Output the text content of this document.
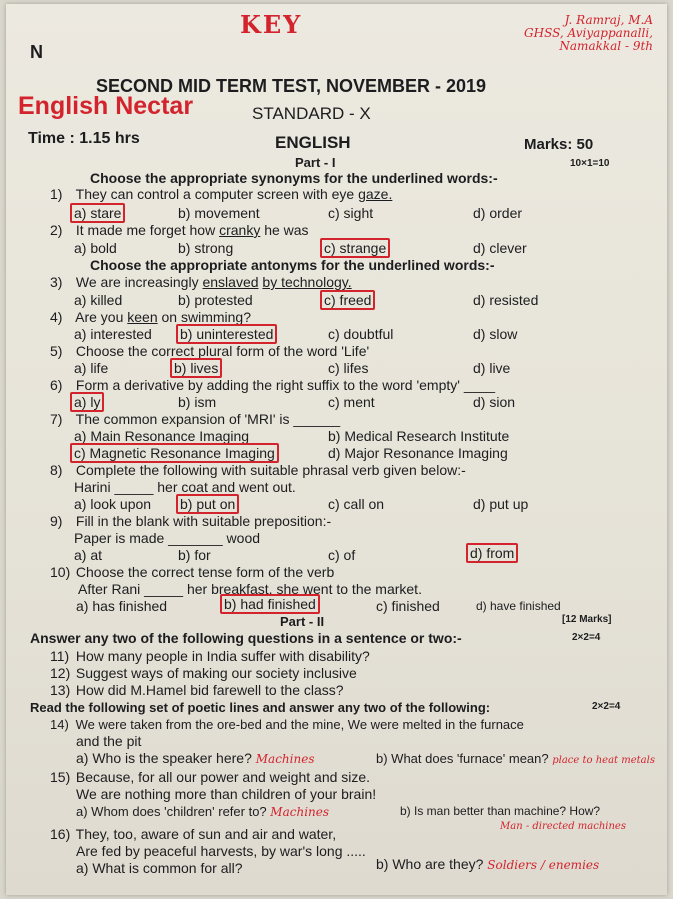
KEY	J. Ramraj, M.A
GHSS, Aviyappanalli,
Namakkal - 9th
N
SECOND MID TERM TEST, NOVEMBER - 2019
English Nectar	STANDARD - X
Time : 1.15 hrs	ENGLISH	Marks: 50
Part - I	10×1=10
Choose the appropriate synonyms for the underlined words:-
1) They can control a computer screen with eye gaze.
a) stare	b) movement	c) sight	d) order
2) It made me forget how cranky he was
a) bold	b) strong	c) strange	d) clever
Choose the appropriate antonyms for the underlined words:-
3) We are increasingly enslaved by technology.
a) killed	b) protested	c) freed	d) resisted
4) Are you keen on swimming?
a) interested b) uninterested	c) doubtful	d) slow
5) Choose the correct plural form of the word 'Life'
a) life	b) lives	c) lifes	d) live
6) Form a derivative by adding the right suffix to the word 'empty' ____
a) ly	b) ism	c) ment	d) sion
7) The common expansion of 'MRI' is ______
a) Main Resonance Imaging	b) Medical Research Institute
c) Magnetic Resonance Imaging	d) Major Resonance Imaging
8) Complete the following with suitable phrasal verb given below:-
Harini _____ her coat and went out.
a) look upon b) put on	c) call on	d) put up
9) Fill in the blank with suitable preposition:-
Paper is made _______ wood
a) at	b) for	c) of	d) from
10) Choose the correct tense form of the verb
After Rani _____ her breakfast, she went to the market.
a) has finished	b) had finished	c) finished	d) have finished
Part - II	[12 Marks]
Answer any two of the following questions in a sentence or two:-	2×2=4
11) How many people in India suffer with disability?
12) Suggest ways of making our society inclusive
13) How did M.Hamel bid farewell to the class?
Read the following set of poetic lines and answer any two of the following:	2×2=4
14) We were taken from the ore-bed and the mine, We were melted in the furnace
and the pit
a) Who is the speaker here? Machines	b) What does 'furnace' mean? place to heat metals
15) Because, for all our power and weight and size.
We are nothing more than children of your brain!
a) Whom does 'children' refer to? Machines	b) Is man better than machine? How?
Man - directed machines
16) They, too, aware of sun and air and water,
Are fed by peaceful harvests, by war's long .....
a) What is common for all?	b) Who are they? Soldiers / enemies
